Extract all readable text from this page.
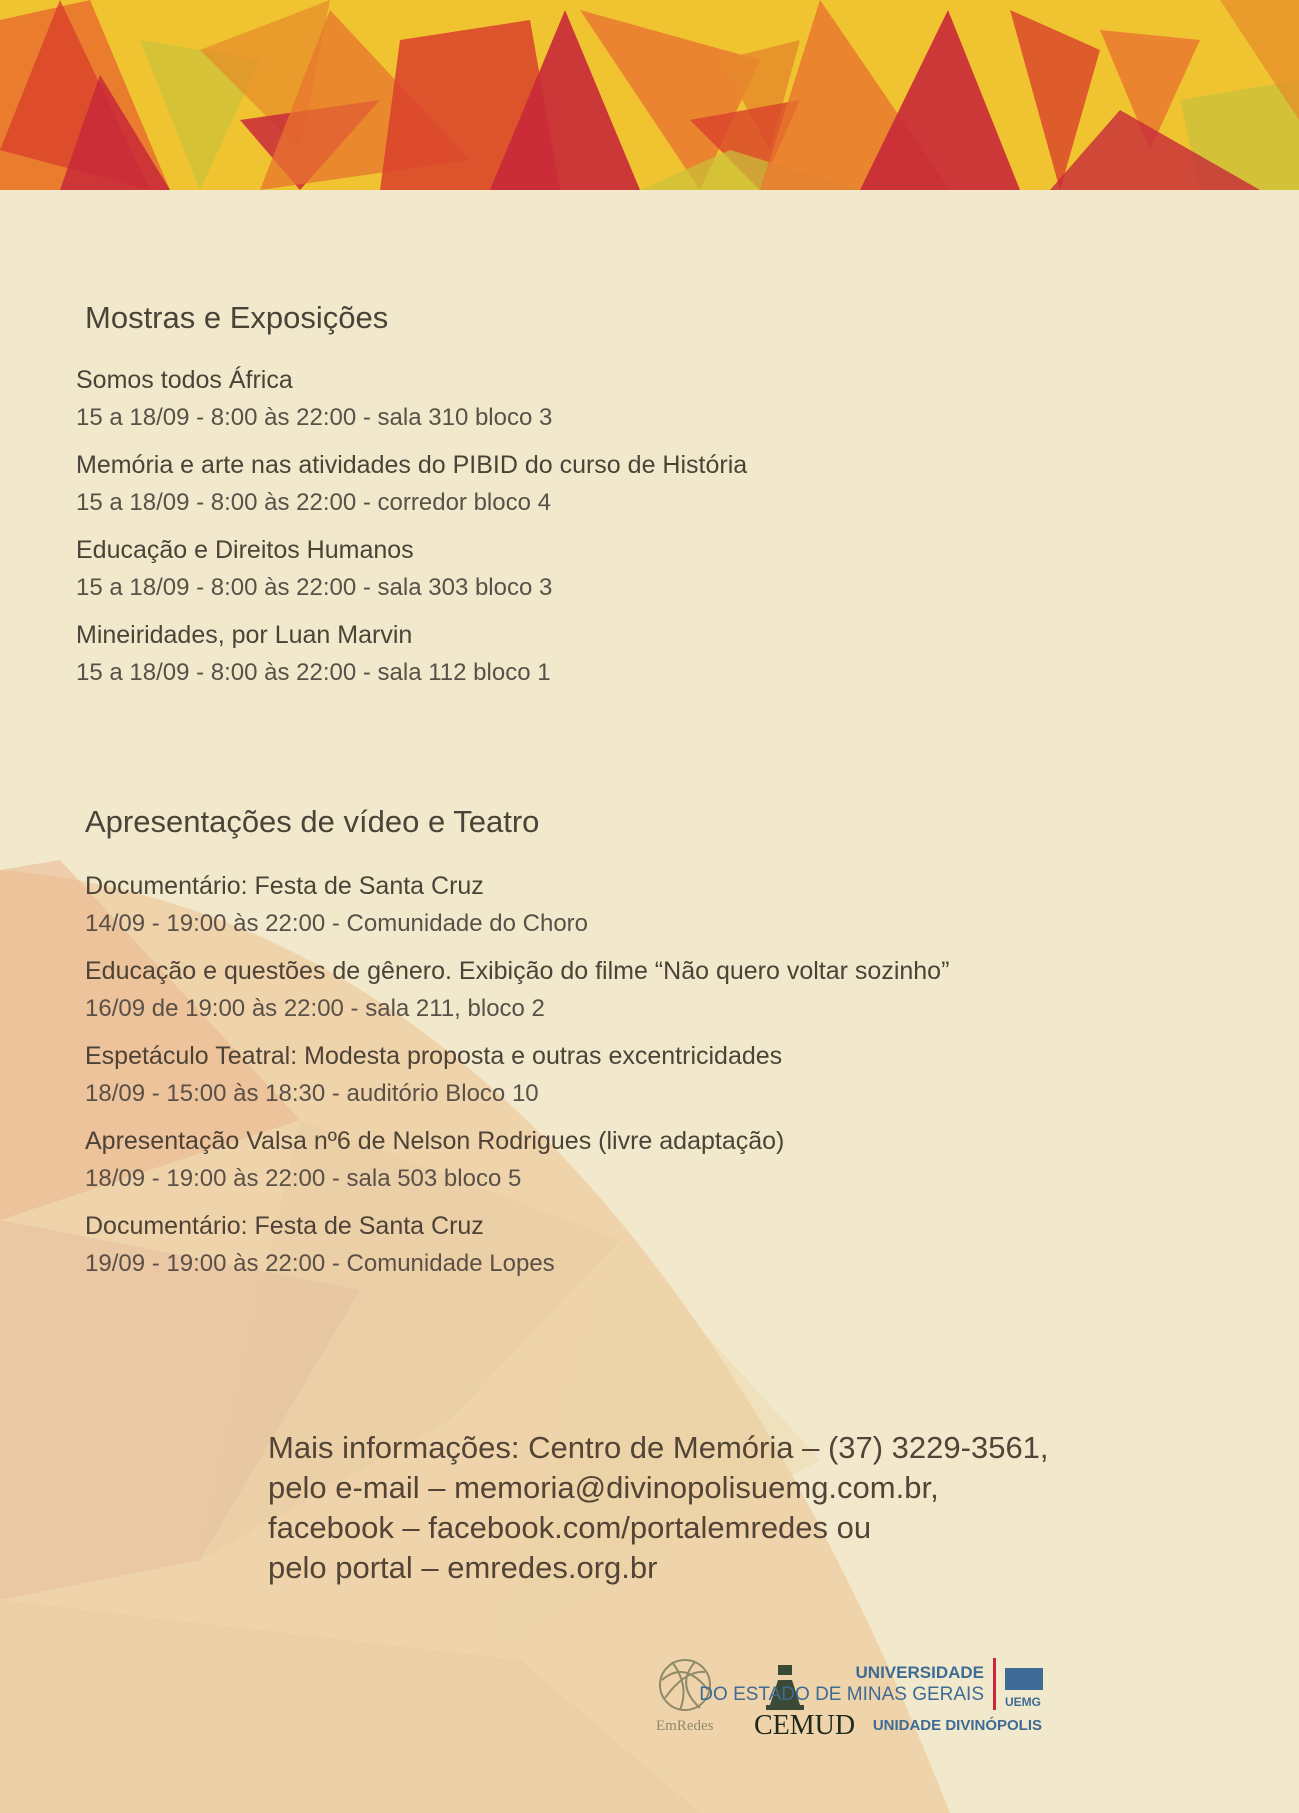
Mostras e Exposições
Somos todos África
15 a 18/09 - 8:00 às 22:00 - sala 310 bloco 3
Memória e arte nas atividades do PIBID do curso de História
15 a 18/09 - 8:00 às 22:00 - corredor bloco 4
Educação e Direitos Humanos
15 a 18/09 - 8:00 às 22:00 - sala 303 bloco 3
Mineiridades, por Luan Marvin
15 a 18/09 - 8:00 às 22:00 - sala 112 bloco 1
Apresentações de vídeo e Teatro
Documentário: Festa de Santa Cruz
14/09 - 19:00 às 22:00 - Comunidade do Choro
Educação e questões de gênero. Exibição do filme “Não quero voltar sozinho”
16/09 de 19:00 às 22:00 - sala 211, bloco 2
Espetáculo Teatral: Modesta proposta e outras excentricidades
18/09 - 15:00 às 18:30 - auditório Bloco 10
Apresentação Valsa nº6 de Nelson Rodrigues (livre adaptação)
18/09 - 19:00 às 22:00 - sala 503 bloco 5
Documentário: Festa de Santa Cruz
19/09 - 19:00 às 22:00 - Comunidade Lopes
Mais informações: Centro de Memória – (37) 3229-3561,
pelo e-mail – memoria@divinopolisuemg.com.br,
facebook – facebook.com/portalemredes ou
pelo portal – emredes.org.br
EmRedes CEMUD
UNIVERSIDADE
DO ESTADO DE MINAS GERAIS UEMG
UNIDADE DIVINÓPOLIS
